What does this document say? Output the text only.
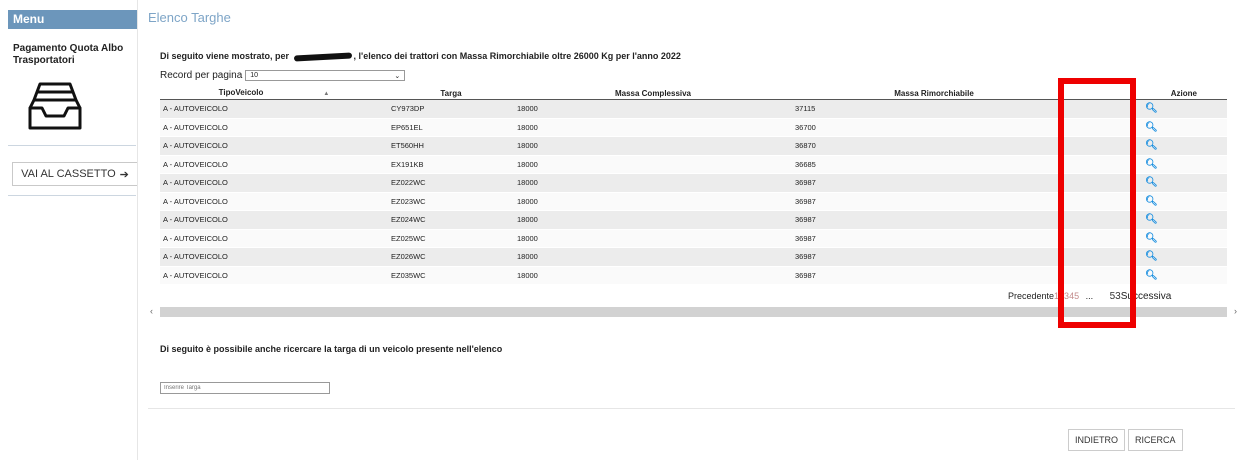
Menu
Pagamento Quota Albo Trasportatori
VAI AL CASSETTO ➔
Elenco Targhe
Di seguito viene mostrato, per	, l'elenco dei trattori con Massa Rimorchiabile oltre 26000 Kg per l'anno 2022
Record per pagina 10	⌄
TipoVeicolo ▲	Targa	Massa Complessiva	Massa Rimorchiabile	Azione
A - AUTOVEICOLO	CY973DP	18000	37115	🔍︎
A - AUTOVEICOLO	EP651EL	18000	36700	🔍︎
A - AUTOVEICOLO	ET560HH	18000	36870	🔍︎
A - AUTOVEICOLO	EX191KB	18000	36685	🔍︎
A - AUTOVEICOLO	EZ022WC	18000	36987	🔍︎
A - AUTOVEICOLO	EZ023WC	18000	36987	🔍︎
A - AUTOVEICOLO	EZ024WC	18000	36987	🔍︎
A - AUTOVEICOLO	EZ025WC	18000	36987	🔍︎
A - AUTOVEICOLO	EZ026WC	18000	36987	🔍︎
A - AUTOVEICOLO	EZ035WC	18000	36987	🔍︎
Precedente12345 ... 53Successiva
‹	›
Di seguito è possibile anche ricercare la targa di un veicolo presente nell'elenco
Inserire Targa
INDIETRO	RICERCA
